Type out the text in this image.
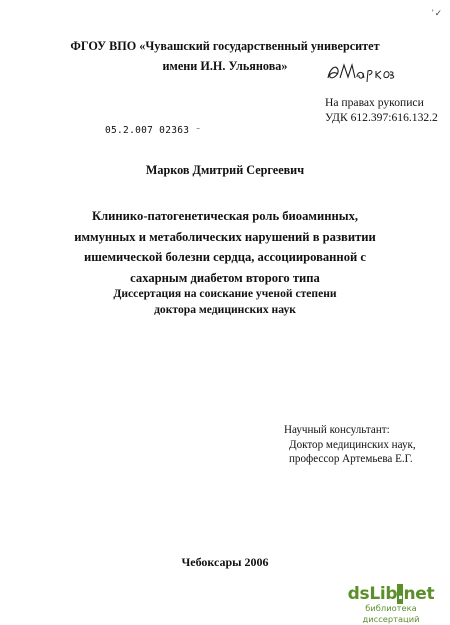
'✓
ФГОУ ВПО «Чувашский государственный университет
имени И.Н. Ульянова»
На правах рукописи
УДК 612.397:616.132.2
05.2.007 02363 ⁻
Марков Дмитрий Сергеевич
Клинико-патогенетическая роль биоаминных,
иммунных и метаболических нарушений в развитии
ишемической болезни сердца, ассоциированной с
сахарным диабетом второго типа
Диссертация на соискание ученой степени
доктора медицинских наук
Научный консультант:
Доктор медицинских наук,
профессор Артемьева Е.Г.
Чебоксары 2006
dsLib.net
библиотека диссертаций
